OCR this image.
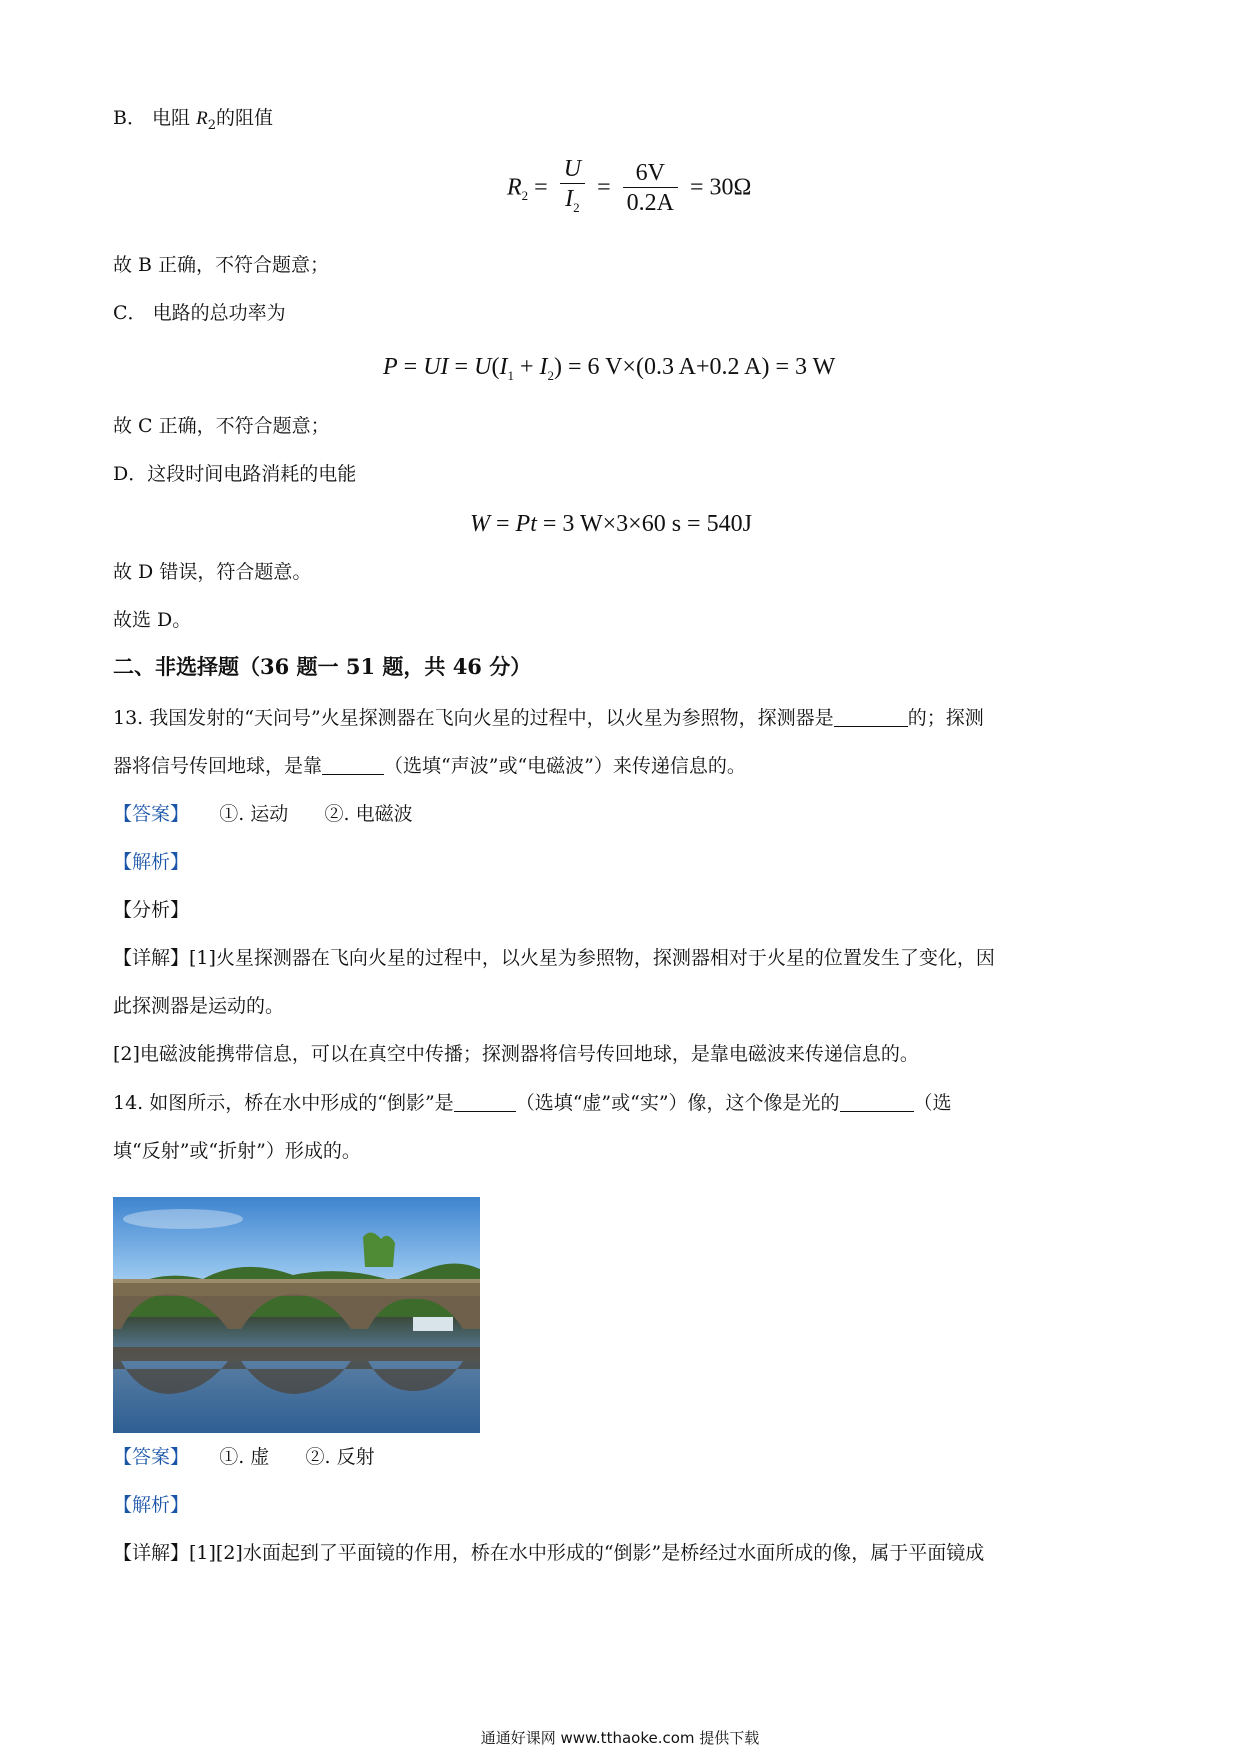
B． 电阻 $R_2$的阻值
$R_2 = \frac{U}{I_2} = \frac{6V}{0.2A} = 30\Omega$
故 B 正确，不符合题意；
C． 电路的总功率为
P = UI = $U(I_1 + I_2) = 6$ V×(0.3 A+0.2 A) = 3 W
故 C 正确，不符合题意；
D．这段时间电路消耗的电能
W = Pt = 3 W×3×60 s = 540J
故 D 错误，符合题意。
故选 D。
二、非选择题（36 题一 51 题，共 46 分）
13. 我国发射的“天问号”火星探测器在飞向火星的过程中，以火星为参照物，探测器是	的；探测
器将信号传回地球，是靠	（选填“声波”或“电磁波”）来传递信息的。
【答案】 ①. 运动      ②. 电磁波
【解析】
【分析】
【详解】[1]火星探测器在飞向火星的过程中，以火星为参照物，探测器相对于火星的位置发生了变化，因
此探测器是运动的。
[2]电磁波能携带信息，可以在真空中传播；探测器将信号传回地球，是靠电磁波来传递信息的。
14. 如图所示，桥在水中形成的“倒影”是	（选填“虚”或“实”）像，这个像是光的	（选
填“反射”或“折射”）形成的。
【答案】 ①. 虚      ②. 反射
【解析】
【详解】[1][2]水面起到了平面镜的作用，桥在水中形成的“倒影”是桥经过水面所成的像，属于平面镜成
通通好课网 www.tthaoke.com 提供下载
